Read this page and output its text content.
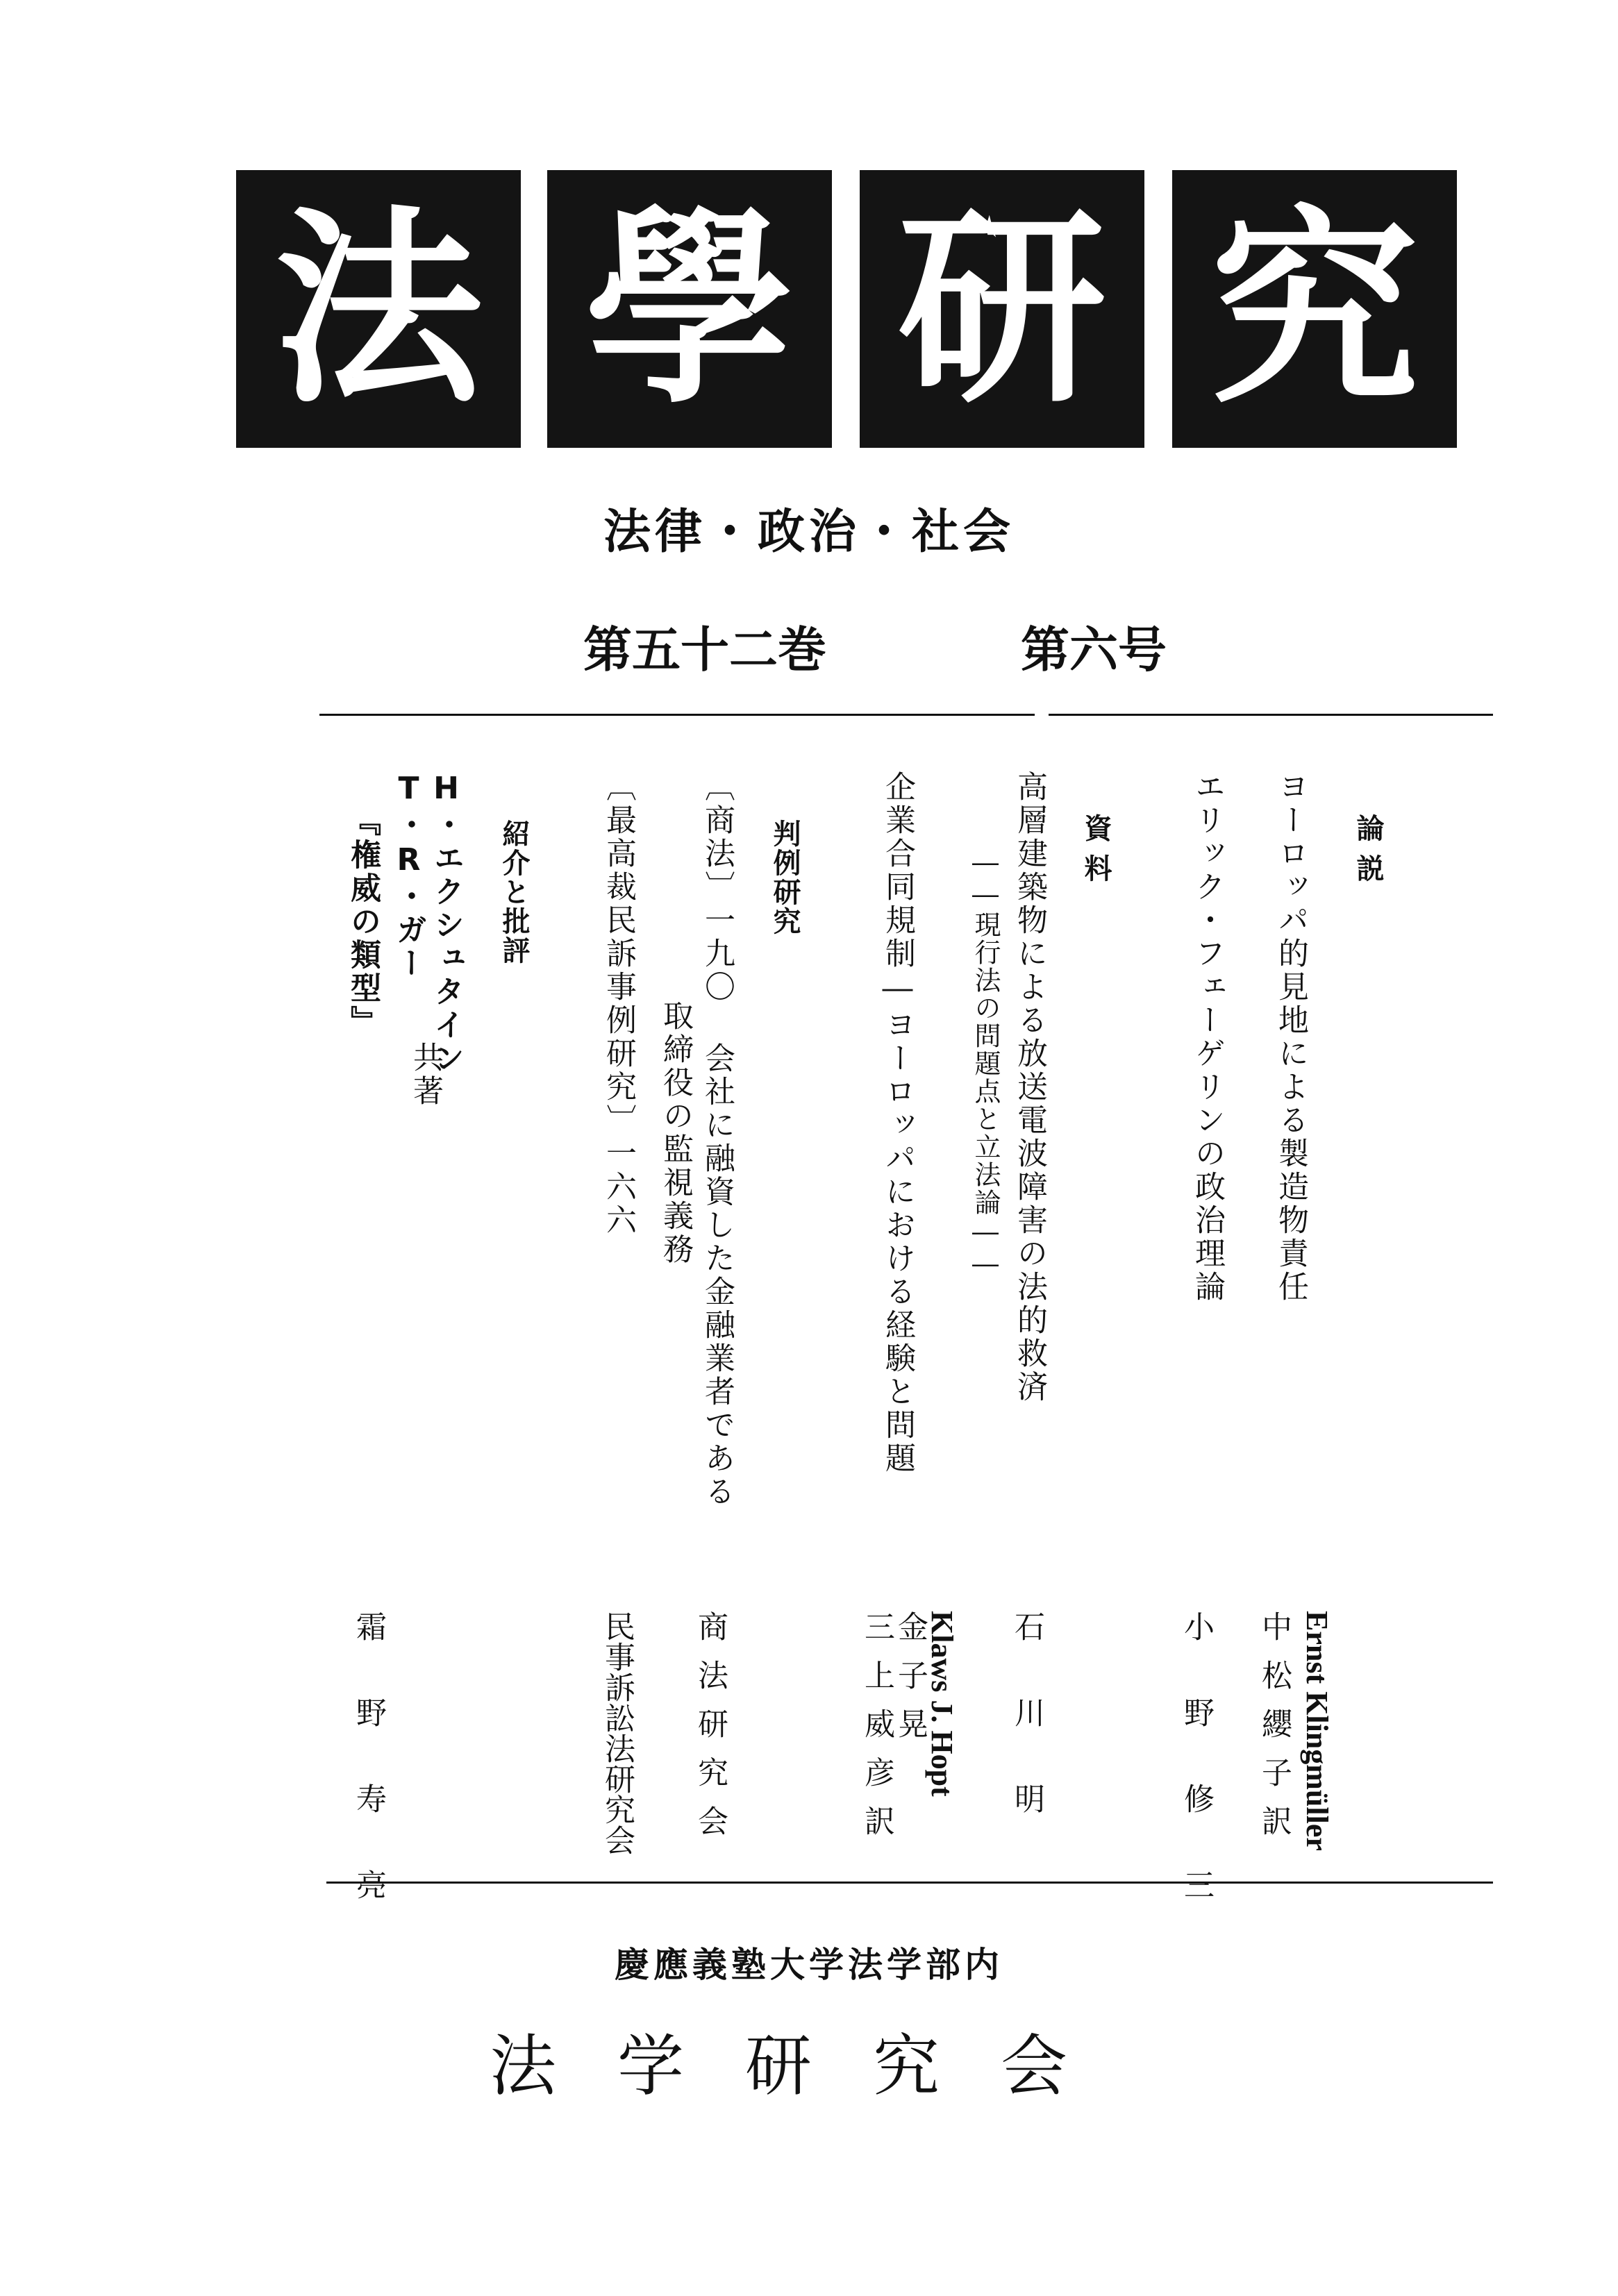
法 學 研 究
法律・政治・社会
第五十二巻	第六号
論説
ヨーロッパ的見地による製造物責任
Ernst Klingmüller
中松纓子訳
エリック・フェーゲリンの政治理論
小野修三
資料
高層建築物による放送電波障害の法的救済
――現行法の問題点と立法論――
石川明
企業合同規制―ヨーロッパにおける経験と問題
Klaws J. Hopt
金子晃
三上威彦訳
判例研究
〔商法〕一九〇 会社に融資した金融業者である
取締役の監視義務
商法研究会
〔最高裁民訴事例研究〕一六六
民事訴訟法研究会
紹介と批評
H・エクシュタイン
T・R・ガー
共著
『権威の類型』
霜野寿亮
慶應義塾大学法学部内
法学研究会
